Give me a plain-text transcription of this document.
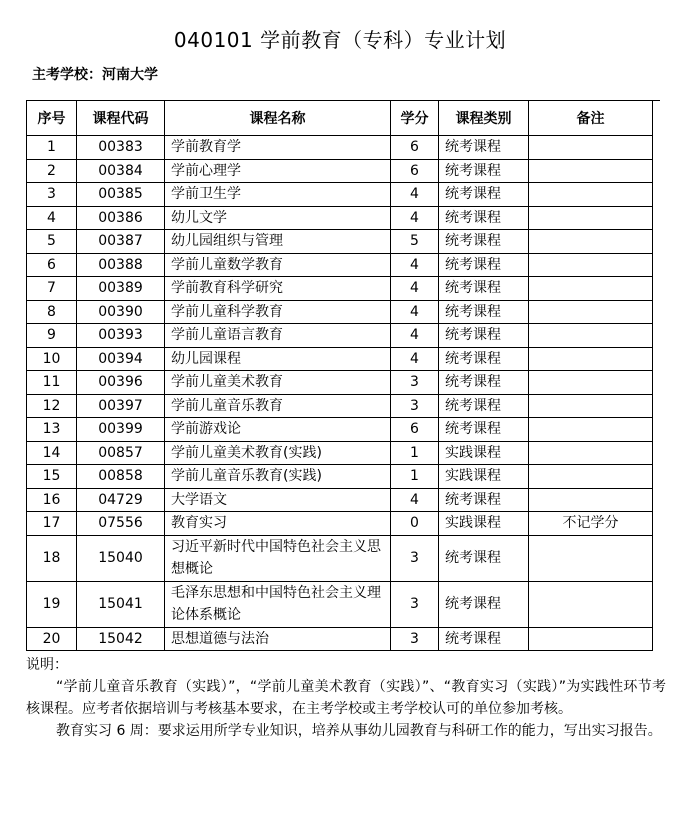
040101 学前教育（专科）专业计划
主考学校：河南大学
序号	课程代码	课程名称	学分	课程类别	备注
1	00383	学前教育学	6	统考课程	
2	00384	学前心理学	6	统考课程	
3	00385	学前卫生学	4	统考课程	
4	00386	幼儿文学	4	统考课程	
5	00387	幼儿园组织与管理	5	统考课程	
6	00388	学前儿童数学教育	4	统考课程	
7	00389	学前教育科学研究	4	统考课程	
8	00390	学前儿童科学教育	4	统考课程	
9	00393	学前儿童语言教育	4	统考课程	
10	00394	幼儿园课程	4	统考课程	
11	00396	学前儿童美术教育	3	统考课程	
12	00397	学前儿童音乐教育	3	统考课程	
13	00399	学前游戏论	6	统考课程	
14	00857	学前儿童美术教育(实践)	1	实践课程	
15	00858	学前儿童音乐教育(实践)	1	实践课程	
16	04729	大学语文	4	统考课程	
17	07556	教育实习	0	实践课程	不记学分
18	15040	习近平新时代中国特色社会主义思想概论	3	统考课程	
19	15041	毛泽东思想和中国特色社会主义理论体系概论	3	统考课程	
20	15042	思想道德与法治	3	统考课程	

说明：

“学前儿童音乐教育（实践）”，“学前儿童美术教育（实践）”、“教育实习（实践）”为实践性环节考核课程。应考者依据培训与考核基本要求，在主考学校或主考学校认可的单位参加考核。

教育实习 6 周：要求运用所学专业知识，培养从事幼儿园教育与科研工作的能力，写出实习报告。
